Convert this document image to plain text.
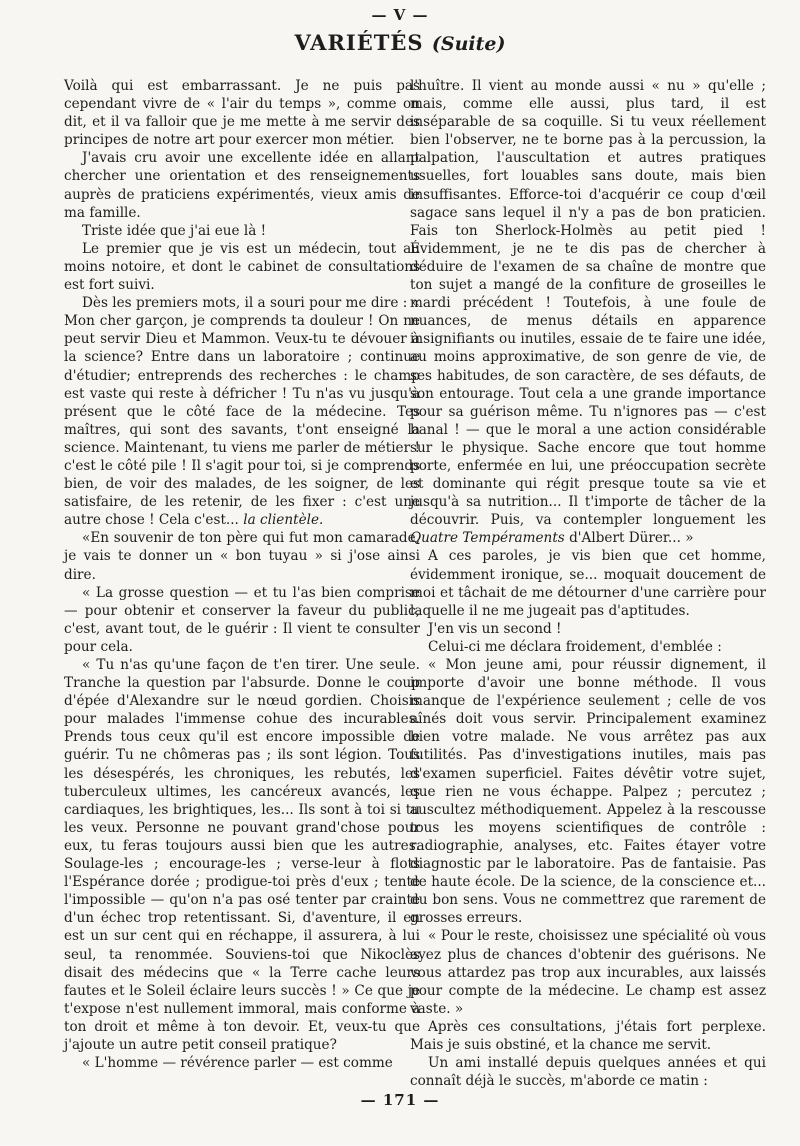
— V —
VARIÉTÉS (Suite)

Voilà qui est embarrassant. Je ne puis pas cependant vivre de « l'air du temps », comme on dit, et il va falloir que je me mette à me servir des principes de notre art pour exercer mon métier.

J'avais cru avoir une excellente idée en allant chercher une orientation et des renseignements auprès de praticiens expérimentés, vieux amis de ma famille.

Triste idée que j'ai eue là !

Le premier que je vis est un médecin, tout au moins notoire, et dont le cabinet de consultations est fort suivi.

Dès les premiers mots, il a souri pour me dire : « Mon cher garçon, je comprends ta douleur ! On ne peut servir Dieu et Mammon. Veux-tu te dévouer à la science? Entre dans un laboratoire ; continue d'étudier; entreprends des recherches : le champ est vaste qui reste à défricher ! Tu n'as vu jusqu'à présent que le côté face de la médecine. Tes maîtres, qui sont des savants, t'ont enseigné la science. Maintenant, tu viens me parler de métier ! c'est le côté pile ! Il s'agit pour toi, si je comprends bien, de voir des malades, de les soigner, de les satisfaire, de les retenir, de les fixer : c'est une autre chose ! Cela c'est... la clientèle.

«En souvenir de ton père qui fut mon camarade, je vais te donner un « bon tuyau » si j'ose ainsi dire.

« La grosse question — et tu l'as bien comprise — pour obtenir et conserver la faveur du public, c'est, avant tout, de le guérir : Il vient te consulter pour cela.

« Tu n'as qu'une façon de t'en tirer. Une seule. Tranche la question par l'absurde. Donne le coup d'épée d'Alexandre sur le nœud gordien. Choisis pour malades l'immense cohue des incurables. Prends tous ceux qu'il est encore impossible de guérir. Tu ne chômeras pas ; ils sont légion. Tous les désespérés, les chroniques, les rebutés, les tuberculeux ultimes, les cancéreux avancés, les cardiaques, les brightiques, les... Ils sont à toi si tu les veux. Personne ne pouvant grand'chose pour eux, tu feras toujours aussi bien que les autres. Soulage-les ; encourage-les ; verse-leur à flots l'Espérance dorée ; prodigue-toi près d'eux ; tente l'impossible — qu'on n'a pas osé tenter par crainte d'un échec trop retentissant. Si, d'aventure, il en est un sur cent qui en réchappe, il assurera, à lui seul, ta renommée. Souviens-toi que Nikoclès disait des médecins que « la Terre cache leurs fautes et le Soleil éclaire leurs succès ! » Ce que je t'expose n'est nullement immoral, mais conforme à ton droit et même à ton devoir. Et, veux-tu que j'ajoute un autre petit conseil pratique?

« L'homme — révérence parler — est comme

l'huître. Il vient au monde aussi « nu » qu'elle ; mais, comme elle aussi, plus tard, il est inséparable de sa coquille. Si tu veux réellement bien l'observer, ne te borne pas à la percussion, la palpation, l'auscultation et autres pratiques usuelles, fort louables sans doute, mais bien insuffisantes. Efforce-toi d'acquérir ce coup d'œil sagace sans lequel il n'y a pas de bon praticien. Fais ton Sherlock-Holmès au petit pied ! Évidemment, je ne te dis pas de chercher à déduire de l'examen de sa chaîne de montre que ton sujet a mangé de la confiture de groseilles le mardi précédent ! Toutefois, à une foule de nuances, de menus détails en apparence insignifiants ou inutiles, essaie de te faire une idée, au moins approximative, de son genre de vie, de ses habitudes, de son caractère, de ses défauts, de son entourage. Tout cela a une grande importance pour sa guérison même. Tu n'ignores pas — c'est banal ! — que le moral a une action considérable sur le physique. Sache encore que tout homme porte, enfermée en lui, une préoccupation secrète et dominante qui régit presque toute sa vie et jusqu'à sa nutrition... Il t'importe de tâcher de la découvrir. Puis, va contempler longuement les Quatre Tempéraments d'Albert Dürer... »

A ces paroles, je vis bien que cet homme, évidemment ironique, se... moquait doucement de moi et tâchait de me détourner d'une carrière pour laquelle il ne me jugeait pas d'aptitudes.

J'en vis un second !

Celui-ci me déclara froidement, d'emblée :

« Mon jeune ami, pour réussir dignement, il importe d'avoir une bonne méthode. Il vous manque de l'expérience seulement ; celle de vos aînés doit vous servir. Principalement examinez bien votre malade. Ne vous arrêtez pas aux futilités. Pas d'investigations inutiles, mais pas d'examen superficiel. Faites dévêtir votre sujet, que rien ne vous échappe. Palpez ; percutez ; auscultez méthodiquement. Appelez à la rescousse tous les moyens scientifiques de contrôle : radiographie, analyses, etc. Faites étayer votre diagnostic par le laboratoire. Pas de fantaisie. Pas de haute école. De la science, de la conscience et... du bon sens. Vous ne commettrez que rarement de grosses erreurs.

« Pour le reste, choisissez une spécialité où vous ayez plus de chances d'obtenir des guérisons. Ne vous attardez pas trop aux incurables, aux laissés pour compte de la médecine. Le champ est assez vaste. »

Après ces consultations, j'étais fort perplexe. Mais je suis obstiné, et la chance me servit.

Un ami installé depuis quelques années et qui connaît déjà le succès, m'aborde ce matin :

— 171 —
